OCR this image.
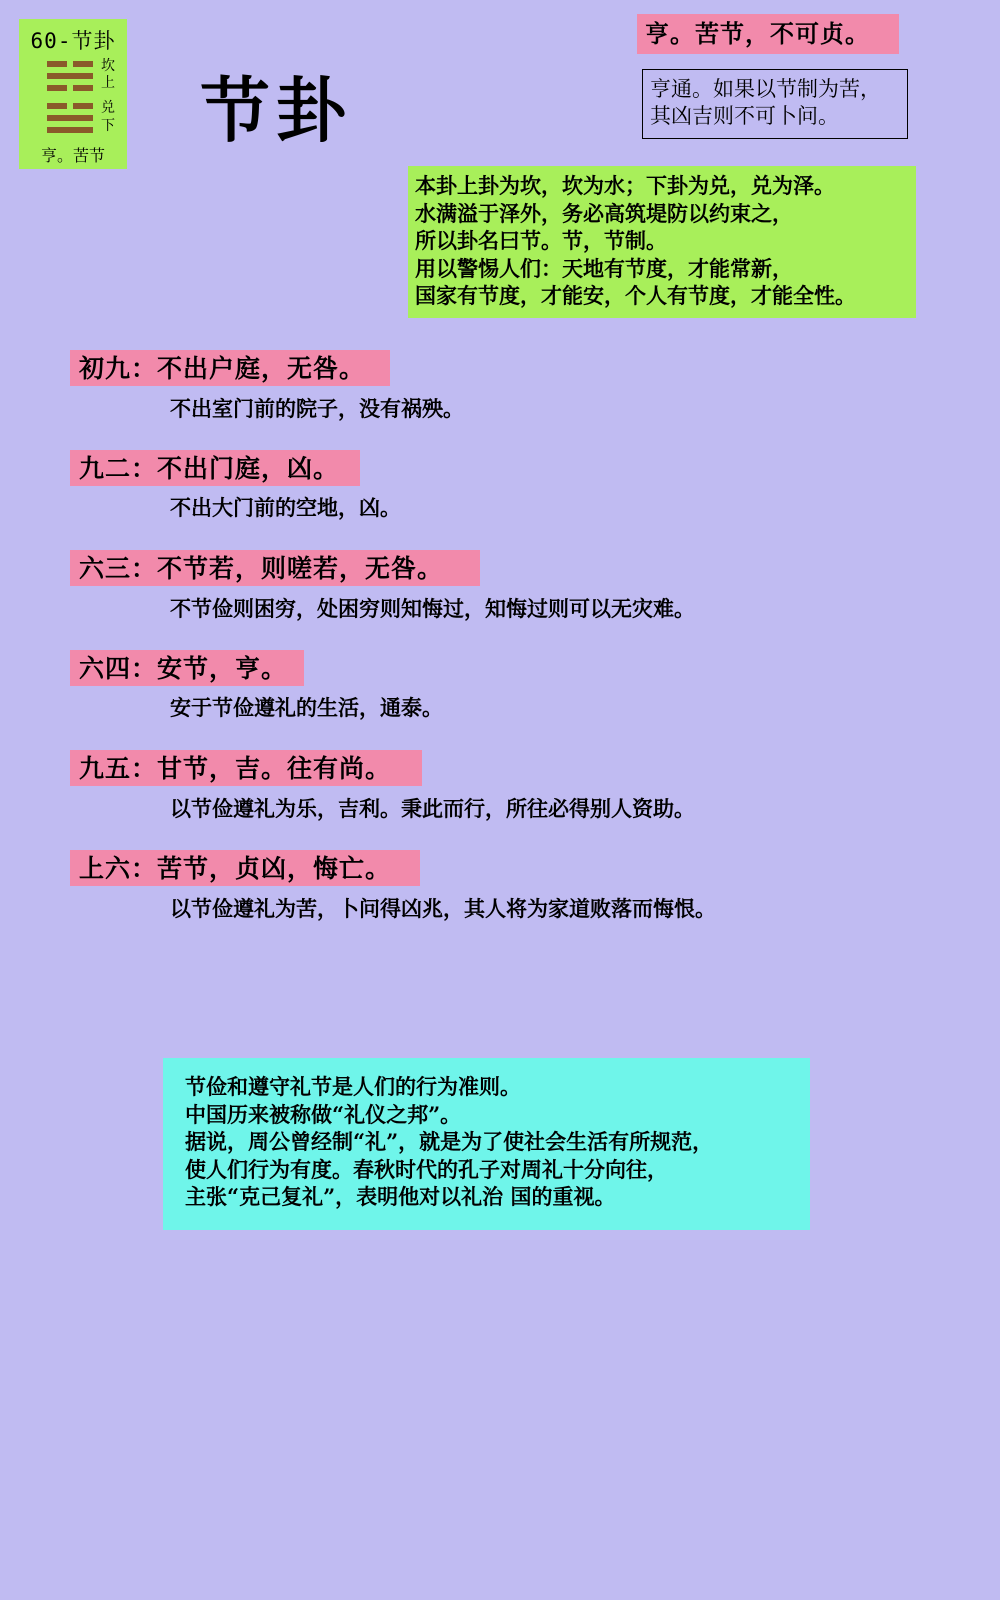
60-节卦
坎
上
兑
下
亨。苦节
节卦
亨。苦节，不可贞。
亨通。如果以节制为苦，
其凶吉则不可卜问。
本卦上卦为坎，坎为水；下卦为兑，兑为泽。
水满溢于泽外，务必高筑堤防以约束之，
所以卦名曰节。节，节制。
用以警惕人们：天地有节度，才能常新，
国家有节度，才能安，个人有节度，才能全性。
初九：不出户庭，无咎。
不出室门前的院子，没有祸殃。
九二：不出门庭，凶。
不出大门前的空地，凶。
六三：不节若，则嗟若，无咎。
不节俭则困穷，处困穷则知悔过，知悔过则可以无灾难。
六四：安节，亨。
安于节俭遵礼的生活，通泰。
九五：甘节，吉。往有尚。
以节俭遵礼为乐，吉利。秉此而行，所往必得别人资助。
上六：苦节，贞凶，悔亡。
以节俭遵礼为苦，卜问得凶兆，其人将为家道败落而悔恨。
节俭和遵守礼节是人们的行为准则。
中国历来被称做“礼仪之邦”。
据说，周公曾经制“礼”，就是为了使社会生活有所规范，
使人们行为有度。春秋时代的孔子对周礼十分向往，
主张“克己复礼”，表明他对以礼治 国的重视。
